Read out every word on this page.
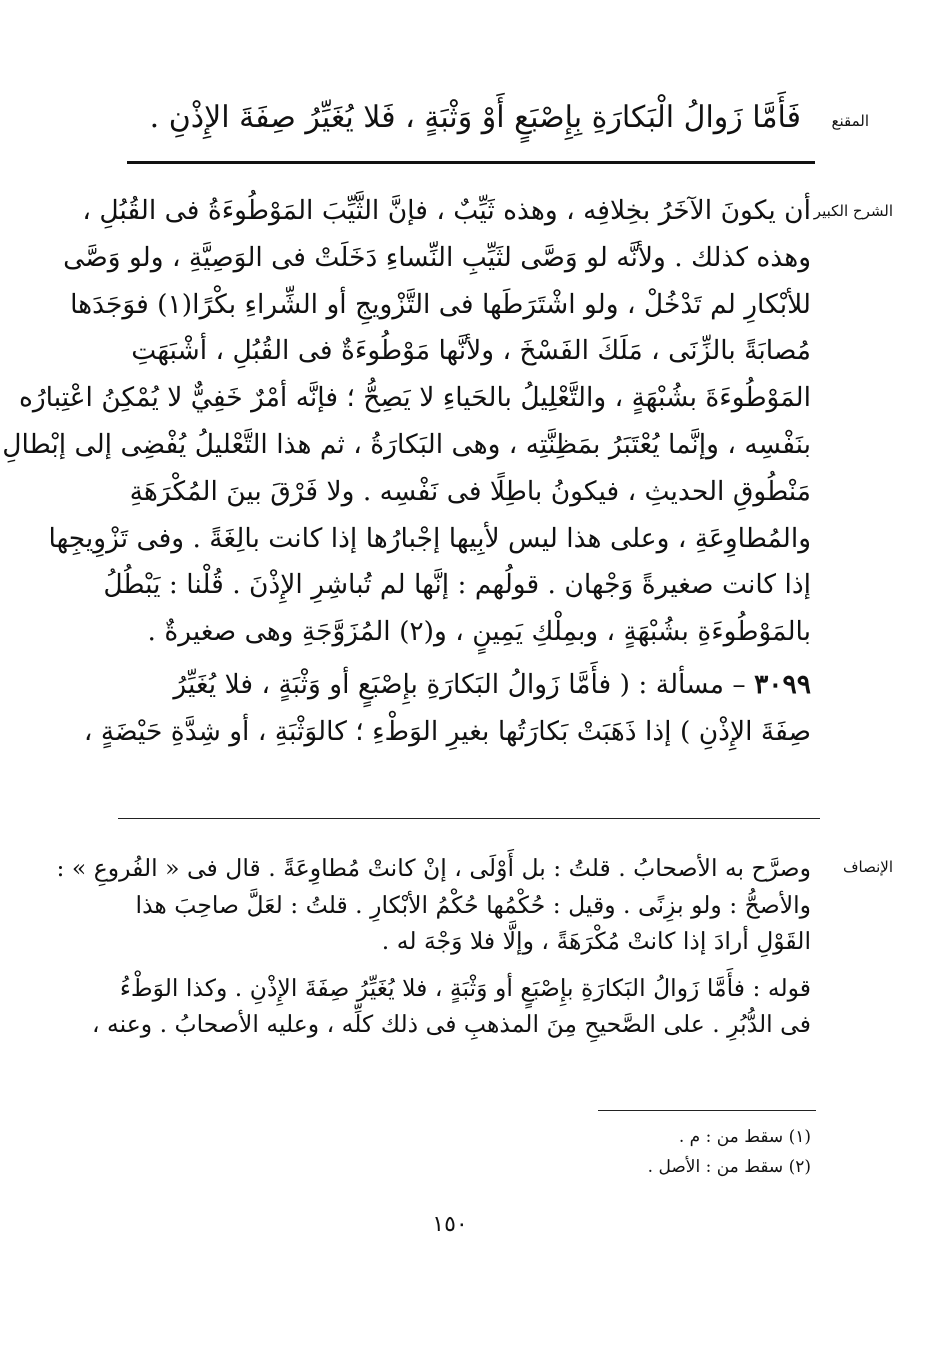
المقنع
فَأَمَّا زَوالُ الْبَكارَةِ بِإِصْبَعٍ أَوْ وَثْبَةٍ ، فَلا يُغَيِّرُ صِفَةَ الإِذْنِ .
الشرح الكبير
أن يكونَ الآخَرُ بخِلافِه ، وهذه ثَيِّبٌ ، فإنَّ الثَّيِّبَ المَوْطُوءَةُ فى القُبُلِ ،
وهذه كذلك . ولأنَّه لو وَصَّى لثَيِّبِ النِّساءِ دَخَلَتْ فى الوَصِيَّةِ ، ولو وَصَّى
للأبْكارِ لم تَدْخُلْ ، ولو اشْتَرَطَها فى التَّزْويجِ أو الشِّراءِ بكْرًا(١) فوَجَدَها
مُصابَةً بالزِّنَى ، مَلَكَ الفَسْخَ ، ولأنَّها مَوْطُوءَةٌ فى القُبُلِ ، أشْبَهَتِ
المَوْطُوءَةَ بشُبْهَةٍ ، والتَّعْلِيلُ بالحَياءِ لا يَصِحُّ ؛ فإنَّه أمْرٌ خَفِيٌّ لا يُمْكِنُ اعْتِبارُه
بنَفْسِه ، وإنَّما يُعْتَبَرُ بمَظِنَّتِه ، وهى البَكارَةُ ، ثم هذا التَّعْليلُ يُفْضِى إلى إبْطالِ
مَنْطُوقِ الحديثِ ، فيكونُ باطِلًا فى نَفْسِه . ولا فَرْقَ بينَ المُكْرَهَةِ
والمُطاوِعَةِ ، وعلى هذا ليس لأبِيها إجْبارُها إذا كانت بالِغَةً . وفى تَزْوِيجِها
إذا كانت صغيرةً وَجْهان . قولُهم : إنَّها لم تُباشِرِ الإِذْنَ . قُلْنا : يَبْطُلُ
بالمَوْطُوءَةِ بشُبْهَةٍ ، وبمِلْكِ يَمِينٍ ، و(٢) المُزَوَّجَةِ وهى صغيرةٌ .
٣٠٩٩ – مسألة : ( فأَمَّا زَوالُ البَكارَةِ بإِصْبَعٍ أو وَثْبَةٍ ، فلا يُغَيِّرُ
صِفَةَ الإِذْنِ ) إذا ذَهَبَتْ بَكارَتُها بغيرِ الوَطْءِ ؛ كالوَثْبَةِ ، أو شِدَّةِ حَيْضَةٍ ،
الإنصاف
وصرَّح به الأصحابُ . قلتُ : بل أَوْلَى ، إنْ كانتْ مُطاوِعَةً . قال فى « الفُروعِ » :
والأصحُّ : ولو بزِنًى . وقيل : حُكْمُها حُكْمُ الأبْكارِ . قلتُ : لعَلَّ صاحِبَ هذا
القَوْلِ أرادَ إذا كانتْ مُكْرَهَةً ، وإلَّا فلا وَجْهَ له .
قوله : فأَمَّا زَوالُ البَكارَةِ بإِصْبَعٍ أو وَثْبَةٍ ، فلا يُغَيِّرُ صِفَةَ الإِذْنِ . وكذا الوَطْءُ
فى الدُّبُرِ . على الصَّحيحِ مِنَ المذهبِ فى ذلك كلِّه ، وعليه الأصحابُ . وعنه ،
(١) سقط من : م .
(٢) سقط من : الأصل .
١٥٠
